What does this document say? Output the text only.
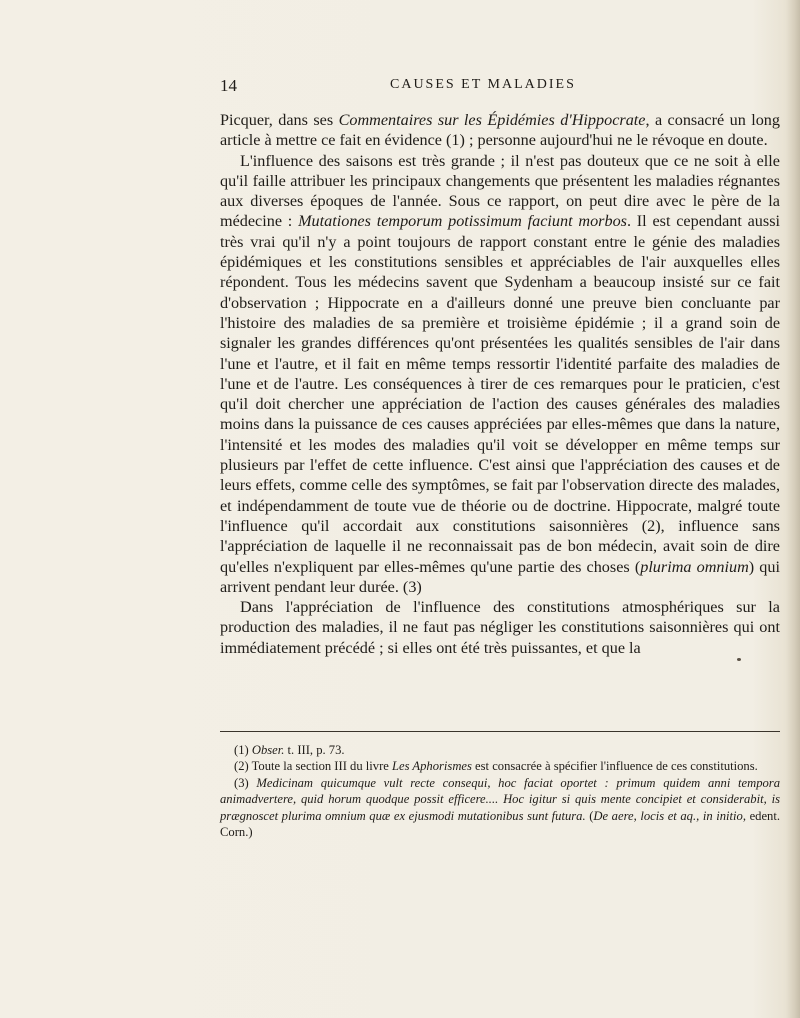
14	CAUSES ET MALADIES

Picquer, dans ses Commentaires sur les Épidémies d'Hippocrate, a consacré un long article à mettre ce fait en évidence (1) ; personne aujourd'hui ne le révoque en doute.

L'influence des saisons est très grande ; il n'est pas douteux que ce ne soit à elle qu'il faille attribuer les principaux changements que présentent les maladies régnantes aux diverses époques de l'année. Sous ce rapport, on peut dire avec le père de la médecine : Mutationes temporum potissimum faciunt morbos. Il est cependant aussi très vrai qu'il n'y a point toujours de rapport constant entre le génie des maladies épidémiques et les constitutions sensibles et appréciables de l'air auxquelles elles répondent. Tous les médecins savent que Sydenham a beaucoup insisté sur ce fait d'observation ; Hippocrate en a d'ailleurs donné une preuve bien concluante par l'histoire des maladies de sa première et troisième épidémie ; il a grand soin de signaler les grandes différences qu'ont présentées les qualités sensibles de l'air dans l'une et l'autre, et il fait en même temps ressortir l'identité parfaite des maladies de l'une et de l'autre. Les conséquences à tirer de ces remarques pour le praticien, c'est qu'il doit chercher une appréciation de l'action des causes générales des maladies moins dans la puissance de ces causes appréciées par elles-mêmes que dans la nature, l'intensité et les modes des maladies qu'il voit se développer en même temps sur plusieurs par l'effet de cette influence. C'est ainsi que l'appréciation des causes et de leurs effets, comme celle des symptômes, se fait par l'observation directe des malades, et indépendamment de toute vue de théorie ou de doctrine. Hippocrate, malgré toute l'influence qu'il accordait aux constitutions saisonnières (2), influence sans l'appréciation de laquelle il ne reconnaissait pas de bon médecin, avait soin de dire qu'elles n'expliquent par elles-mêmes qu'une partie des choses (plurima omnium) qui arrivent pendant leur durée. (3)

Dans l'appréciation de l'influence des constitutions atmosphériques sur la production des maladies, il ne faut pas négliger les constitutions saisonnières qui ont immédiatement précédé ; si elles ont été très puissantes, et que la

(1) Obser. t. III, p. 73.

(2) Toute la section III du livre Les Aphorismes est consacrée à spécifier l'influence de ces constitutions.

(3) Medicinam quicumque vult recte consequi, hoc faciat oportet : primum quidem anni tempora animadvertere, quid horum quodque possit efficere.... Hoc igitur si quis mente concipiet et considerabit, is prægnoscet plurima omnium quæ ex ejusmodi mutationibus sunt futura. (De aere, locis et aq., in initio, edent. Corn.)
